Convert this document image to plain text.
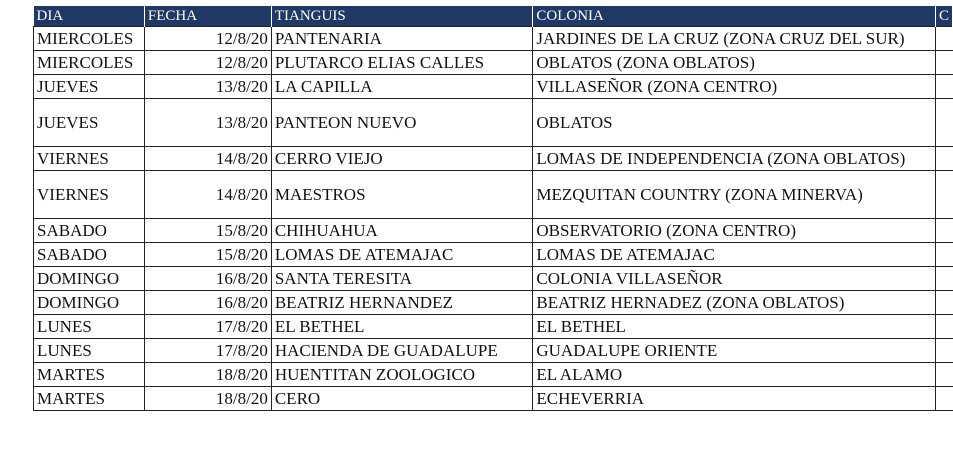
DIA	FECHA	TIANGUIS	COLONIA	C
MIERCOLES	12/8/20	PANTENARIA	JARDINES DE LA CRUZ (ZONA CRUZ DEL SUR)	
MIERCOLES	12/8/20	PLUTARCO ELIAS CALLES	OBLATOS (ZONA OBLATOS)	
JUEVES	13/8/20	LA CAPILLA	VILLASEÑOR (ZONA CENTRO)	
JUEVES	13/8/20	PANTEON NUEVO	OBLATOS	
VIERNES	14/8/20	CERRO VIEJO	LOMAS DE INDEPENDENCIA (ZONA OBLATOS)	
VIERNES	14/8/20	MAESTROS	MEZQUITAN COUNTRY (ZONA MINERVA)	
SABADO	15/8/20	CHIHUAHUA	OBSERVATORIO (ZONA CENTRO)	
SABADO	15/8/20	LOMAS DE ATEMAJAC	LOMAS DE ATEMAJAC	
DOMINGO	16/8/20	SANTA TERESITA	COLONIA VILLASEÑOR	
DOMINGO	16/8/20	BEATRIZ HERNANDEZ	BEATRIZ HERNADEZ (ZONA OBLATOS)	
LUNES	17/8/20	EL BETHEL	EL BETHEL	
LUNES	17/8/20	HACIENDA DE GUADALUPE	GUADALUPE ORIENTE	
MARTES	18/8/20	HUENTITAN ZOOLOGICO	EL ALAMO	
MARTES	18/8/20	CERO	ECHEVERRIA	
